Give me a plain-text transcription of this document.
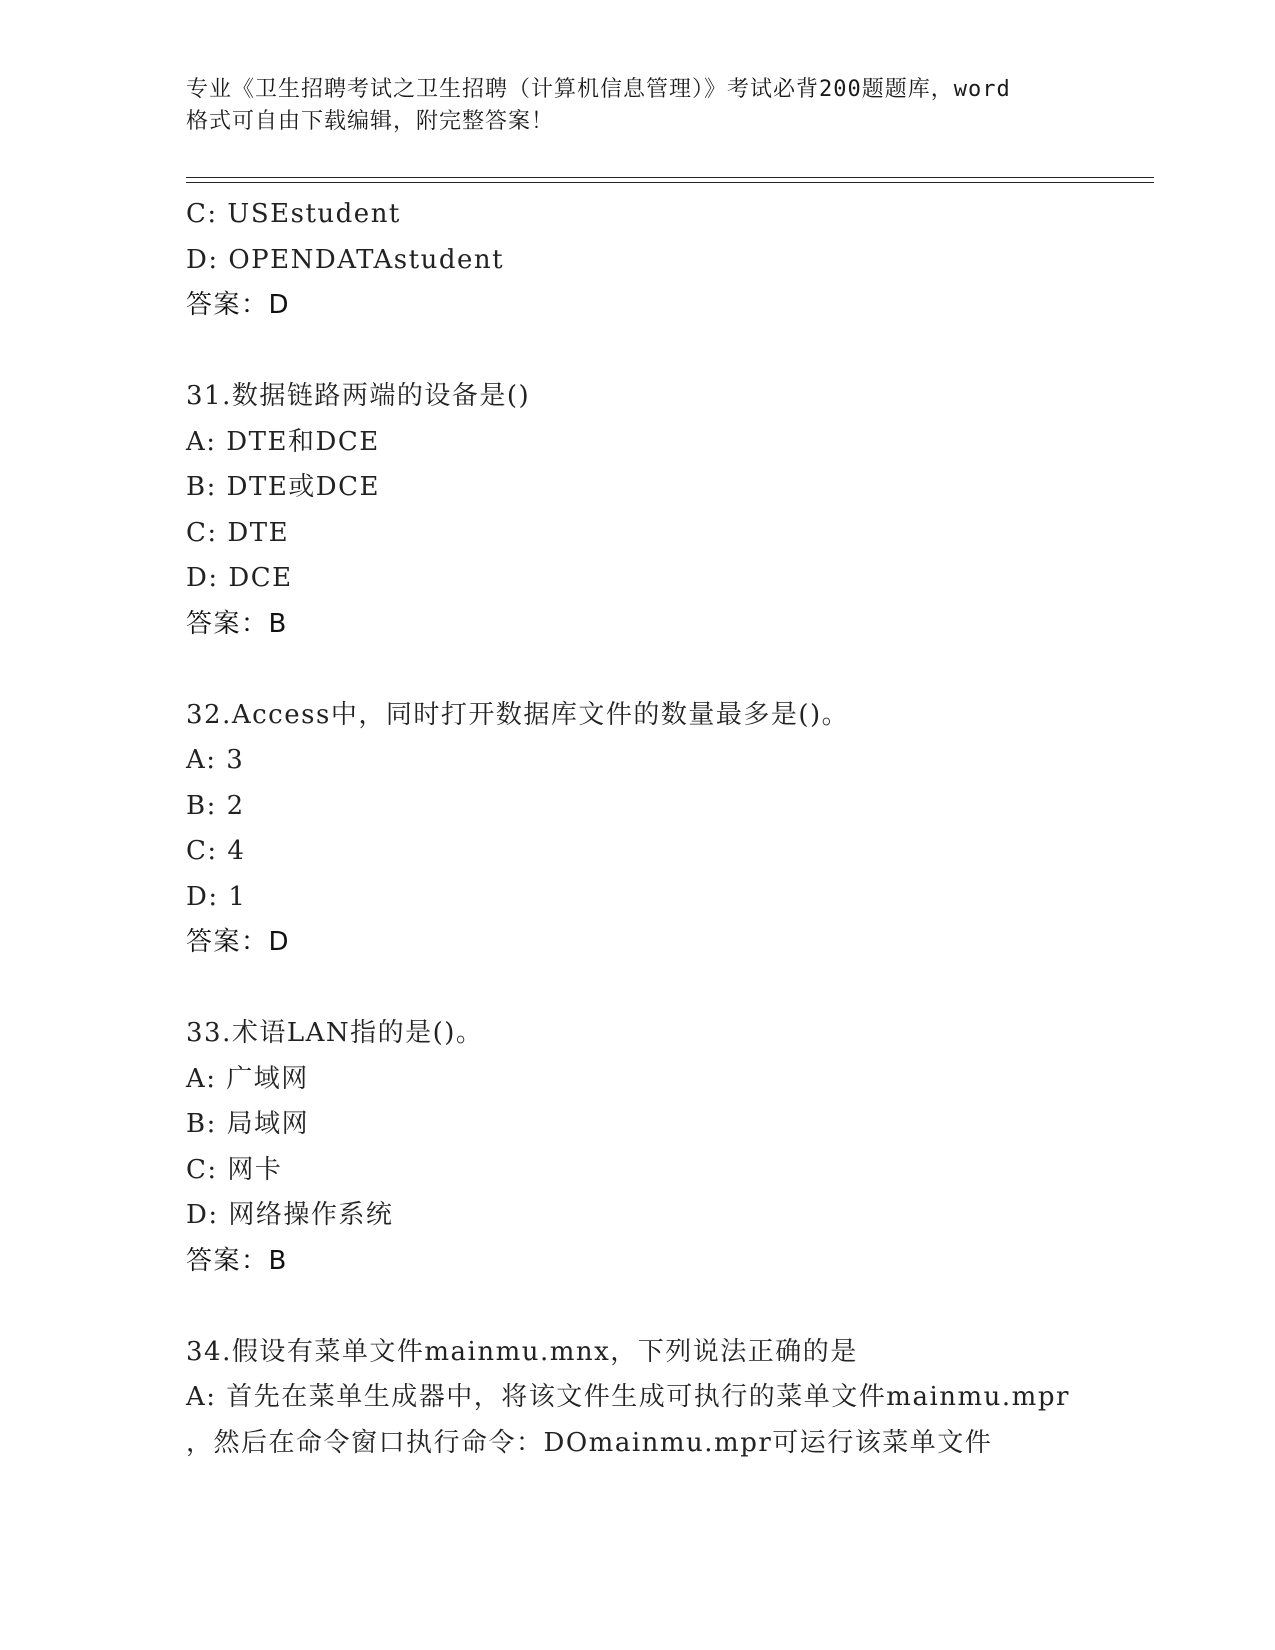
专业《卫生招聘考试之卫生招聘（计算机信息管理）》考试必背200题题库，word
格式可自由下载编辑，附完整答案！
C: USEstudent
D: OPENDATAstudent
答案：D
31.数据链路两端的设备是()
A: DTE和DCE
B: DTE或DCE
C: DTE
D: DCE
答案：B
32.Access中，同时打开数据库文件的数量最多是()。
A: 3
B: 2
C: 4
D: 1
答案：D
33.术语LAN指的是()。
A: 广域网
B: 局域网
C: 网卡
D: 网络操作系统
答案：B
34.假设有菜单文件mainmu.mnx，下列说法正确的是
A: 首先在菜单生成器中，将该文件生成可执行的菜单文件mainmu.mpr
，然后在命令窗口执行命令：DOmainmu.mpr可运行该菜单文件
